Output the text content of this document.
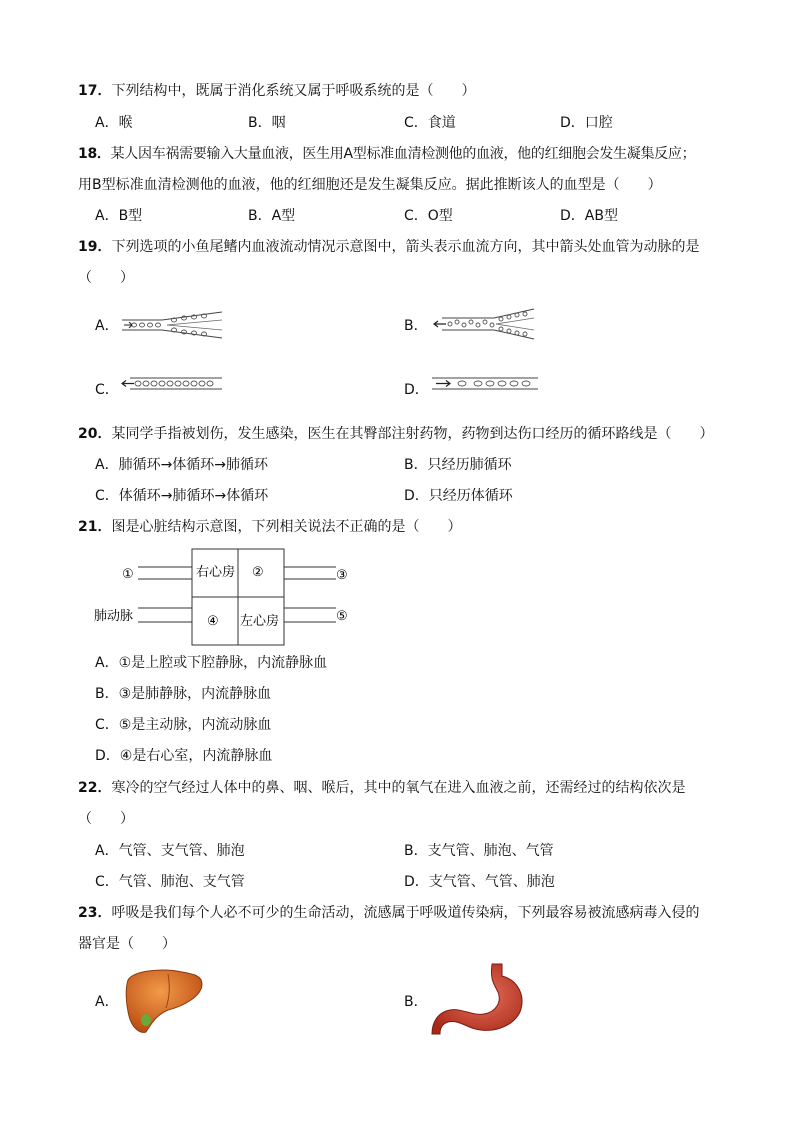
17．下列结构中，既属于消化系统又属于呼吸系统的是（　　）
A．喉	B．咽	C．食道	D．口腔
18．某人因车祸需要输入大量血液，医生用A型标准血清检测他的血液，他的红细胞会发生凝集反应；
用B型标准血清检测他的血液，他的红细胞还是发生凝集反应。据此推断该人的血型是（　　）
A．B型	B．A型	C．O型	D．AB型
19．下列选项的小鱼尾鳍内血液流动情况示意图中，箭头表示血流方向，其中箭头处血管为动脉的是
（　　）
A．	B．
C．	D．
20．某同学手指被划伤，发生感染，医生在其臀部注射药物，药物到达伤口经历的循环路线是（　　）
A．肺循环→体循环→肺循环	B．只经历肺循环
C．体循环→肺循环→体循环	D．只经历体循环
21．图是心脏结构示意图，下列相关说法不正确的是（　　）
①	右心房 ②	③
肺动脉	④ 左心房	⑤
A．①是上腔或下腔静脉，内流静脉血
B．③是肺静脉，内流静脉血
C．⑤是主动脉，内流动脉血
D．④是右心室，内流静脉血
22．寒冷的空气经过人体中的鼻、咽、喉后，其中的氧气在进入血液之前，还需经过的结构依次是
（　　）
A．气管、支气管、肺泡	B．支气管、肺泡、气管
C．气管、肺泡、支气管	D．支气管、气管、肺泡
23．呼吸是我们每个人必不可少的生命活动，流感属于呼吸道传染病，下列最容易被流感病毒入侵的
器官是（　　）
A．	B．
